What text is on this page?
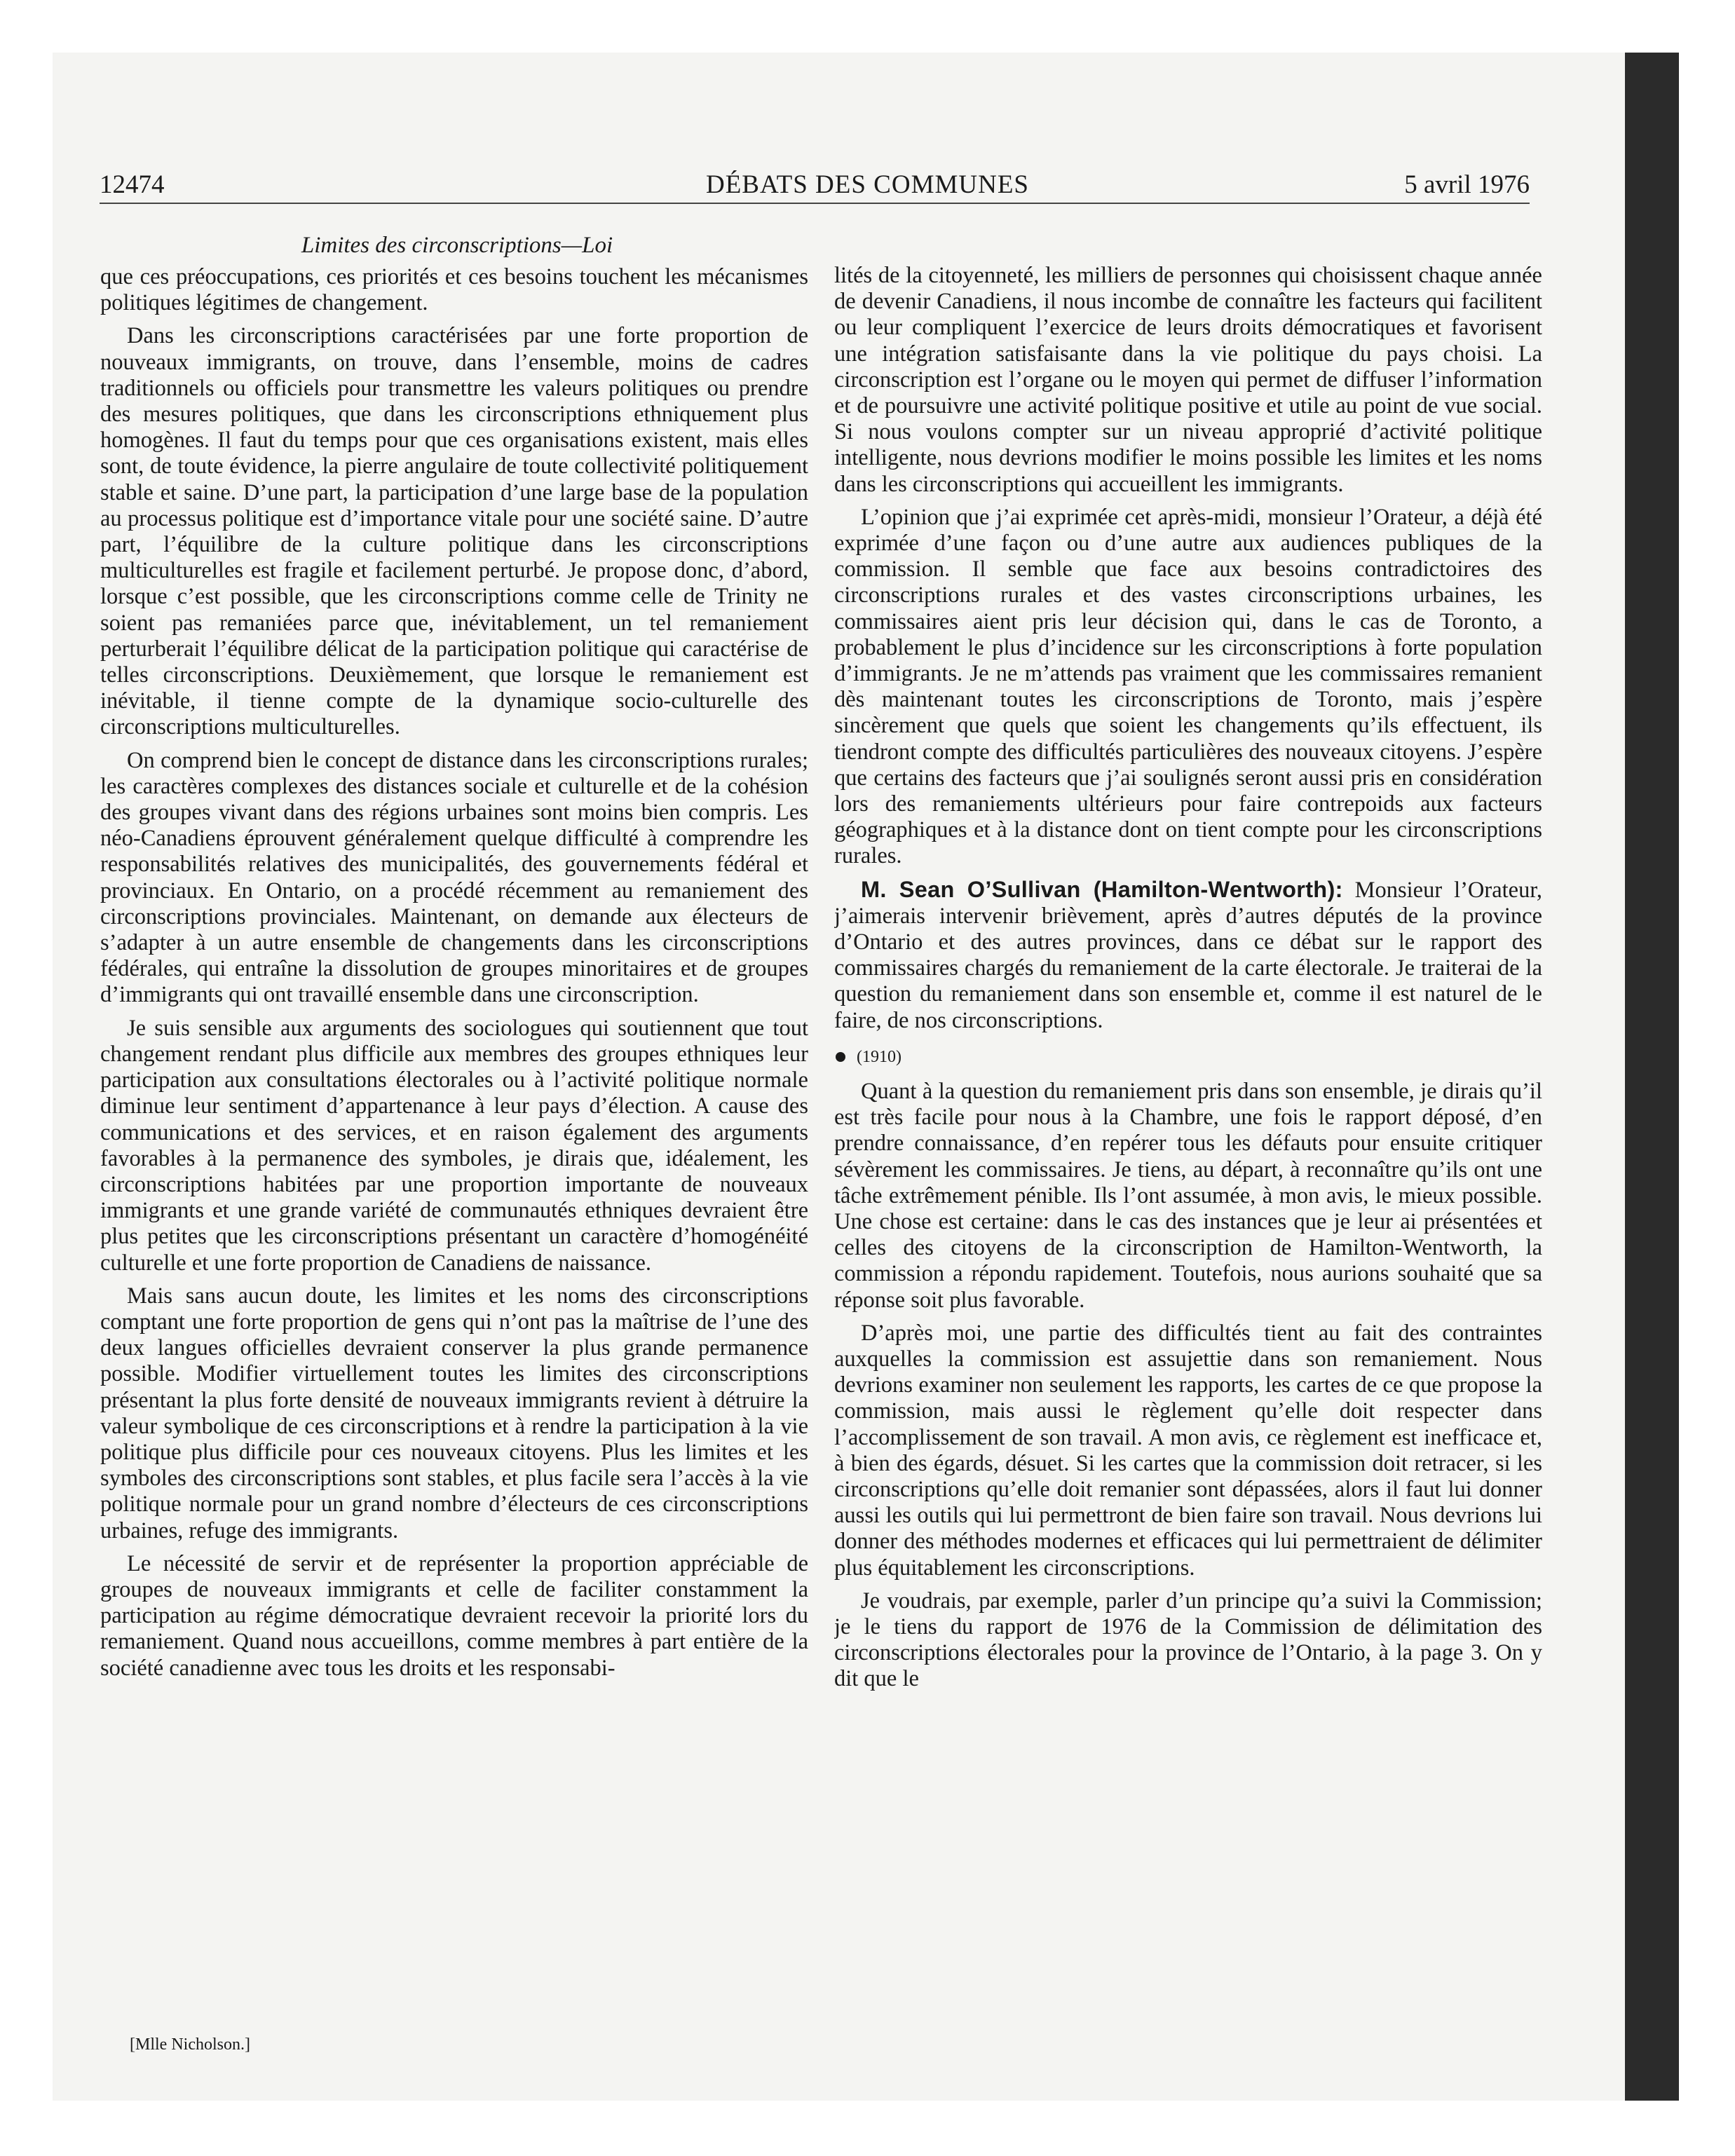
12474	DÉBATS DES COMMUNES	5 avril 1976
Limites des circonscriptions—Loi

que ces préoccupations, ces priorités et ces besoins touchent les mécanismes politiques légitimes de changement.

Dans les circonscriptions caractérisées par une forte proportion de nouveaux immigrants, on trouve, dans l’ensemble, moins de cadres traditionnels ou officiels pour transmettre les valeurs politiques ou prendre des mesures politiques, que dans les circonscriptions ethniquement plus homogènes. Il faut du temps pour que ces organisations existent, mais elles sont, de toute évidence, la pierre angulaire de toute collectivité politiquement stable et saine. D’une part, la participation d’une large base de la population au processus politique est d’importance vitale pour une société saine. D’autre part, l’équilibre de la culture politique dans les circonscriptions multiculturelles est fragile et facilement perturbé. Je propose donc, d’abord, lorsque c’est possible, que les circonscriptions comme celle de Trinity ne soient pas remaniées parce que, inévitablement, un tel remaniement perturberait l’équilibre délicat de la participation politique qui caractérise de telles circonscriptions. Deuxièmement, que lorsque le remaniement est inévitable, il tienne compte de la dynamique socio-culturelle des circonscriptions multiculturelles.

On comprend bien le concept de distance dans les circonscriptions rurales; les caractères complexes des distances sociale et culturelle et de la cohésion des groupes vivant dans des régions urbaines sont moins bien compris. Les néo-Canadiens éprouvent généralement quelque difficulté à comprendre les responsabilités relatives des municipalités, des gouvernements fédéral et provinciaux. En Ontario, on a procédé récemment au remaniement des circonscriptions provinciales. Maintenant, on demande aux électeurs de s’adapter à un autre ensemble de changements dans les circonscriptions fédérales, qui entraîne la dissolution de groupes minoritaires et de groupes d’immigrants qui ont travaillé ensemble dans une circonscription.

Je suis sensible aux arguments des sociologues qui soutiennent que tout changement rendant plus difficile aux membres des groupes ethniques leur participation aux consultations électorales ou à l’activité politique normale diminue leur sentiment d’appartenance à leur pays d’élection. A cause des communications et des services, et en raison également des arguments favorables à la permanence des symboles, je dirais que, idéalement, les circonscriptions habitées par une proportion importante de nouveaux immigrants et une grande variété de communautés ethniques devraient être plus petites que les circonscriptions présentant un caractère d’homogénéité culturelle et une forte proportion de Canadiens de naissance.

Mais sans aucun doute, les limites et les noms des circonscriptions comptant une forte proportion de gens qui n’ont pas la maîtrise de l’une des deux langues officielles devraient conserver la plus grande permanence possible. Modifier virtuellement toutes les limites des circonscriptions présentant la plus forte densité de nouveaux immigrants revient à détruire la valeur symbolique de ces circonscriptions et à rendre la participation à la vie politique plus difficile pour ces nouveaux citoyens. Plus les limites et les symboles des circonscriptions sont stables, et plus facile sera l’accès à la vie politique normale pour un grand nombre d’électeurs de ces circonscriptions urbaines, refuge des immigrants.

Le nécessité de servir et de représenter la proportion appréciable de groupes de nouveaux immigrants et celle de faciliter constamment la participation au régime démocratique devraient recevoir la priorité lors du remaniement. Quand nous accueillons, comme membres à part entière de la société canadienne avec tous les droits et les responsabi-

lités de la citoyenneté, les milliers de personnes qui choisissent chaque année de devenir Canadiens, il nous incombe de connaître les facteurs qui facilitent ou leur compliquent l’exercice de leurs droits démocratiques et favorisent une intégration satisfaisante dans la vie politique du pays choisi. La circonscription est l’organe ou le moyen qui permet de diffuser l’information et de poursuivre une activité politique positive et utile au point de vue social. Si nous voulons compter sur un niveau approprié d’activité politique intelligente, nous devrions modifier le moins possible les limites et les noms dans les circonscriptions qui accueillent les immigrants.

L’opinion que j’ai exprimée cet après-midi, monsieur l’Orateur, a déjà été exprimée d’une façon ou d’une autre aux audiences publiques de la commission. Il semble que face aux besoins contradictoires des circonscriptions rurales et des vastes circonscriptions urbaines, les commissaires aient pris leur décision qui, dans le cas de Toronto, a probablement le plus d’incidence sur les circonscriptions à forte population d’immigrants. Je ne m’attends pas vraiment que les commissaires remanient dès maintenant toutes les circonscriptions de Toronto, mais j’espère sincèrement que quels que soient les changements qu’ils effectuent, ils tiendront compte des difficultés particulières des nouveaux citoyens. J’espère que certains des facteurs que j’ai soulignés seront aussi pris en considération lors des remaniements ultérieurs pour faire contrepoids aux facteurs géographiques et à la distance dont on tient compte pour les circonscriptions rurales.

M. Sean O’Sullivan (Hamilton-Wentworth): Monsieur l’Orateur, j’aimerais intervenir brièvement, après d’autres députés de la province d’Ontario et des autres provinces, dans ce débat sur le rapport des commissaires chargés du remaniement de la carte électorale. Je traiterai de la question du remaniement dans son ensemble et, comme il est naturel de le faire, de nos circonscriptions.

(1910)

Quant à la question du remaniement pris dans son ensemble, je dirais qu’il est très facile pour nous à la Chambre, une fois le rapport déposé, d’en prendre connaissance, d’en repérer tous les défauts pour ensuite critiquer sévèrement les commissaires. Je tiens, au départ, à reconnaître qu’ils ont une tâche extrêmement pénible. Ils l’ont assumée, à mon avis, le mieux possible. Une chose est certaine: dans le cas des instances que je leur ai présentées et celles des citoyens de la circonscription de Hamilton-Wentworth, la commission a répondu rapidement. Toutefois, nous aurions souhaité que sa réponse soit plus favorable.

D’après moi, une partie des difficultés tient au fait des contraintes auxquelles la commission est assujettie dans son remaniement. Nous devrions examiner non seulement les rapports, les cartes de ce que propose la commission, mais aussi le règlement qu’elle doit respecter dans l’accomplissement de son travail. A mon avis, ce règlement est inefficace et, à bien des égards, désuet. Si les cartes que la commission doit retracer, si les circonscriptions qu’elle doit remanier sont dépassées, alors il faut lui donner aussi les outils qui lui permettront de bien faire son travail. Nous devrions lui donner des méthodes modernes et efficaces qui lui permettraient de délimiter plus équitablement les circonscriptions.

Je voudrais, par exemple, parler d’un principe qu’a suivi la Commission; je le tiens du rapport de 1976 de la Commission de délimitation des circonscriptions électorales pour la province de l’Ontario, à la page 3. On y dit que le

[Mlle Nicholson.]
